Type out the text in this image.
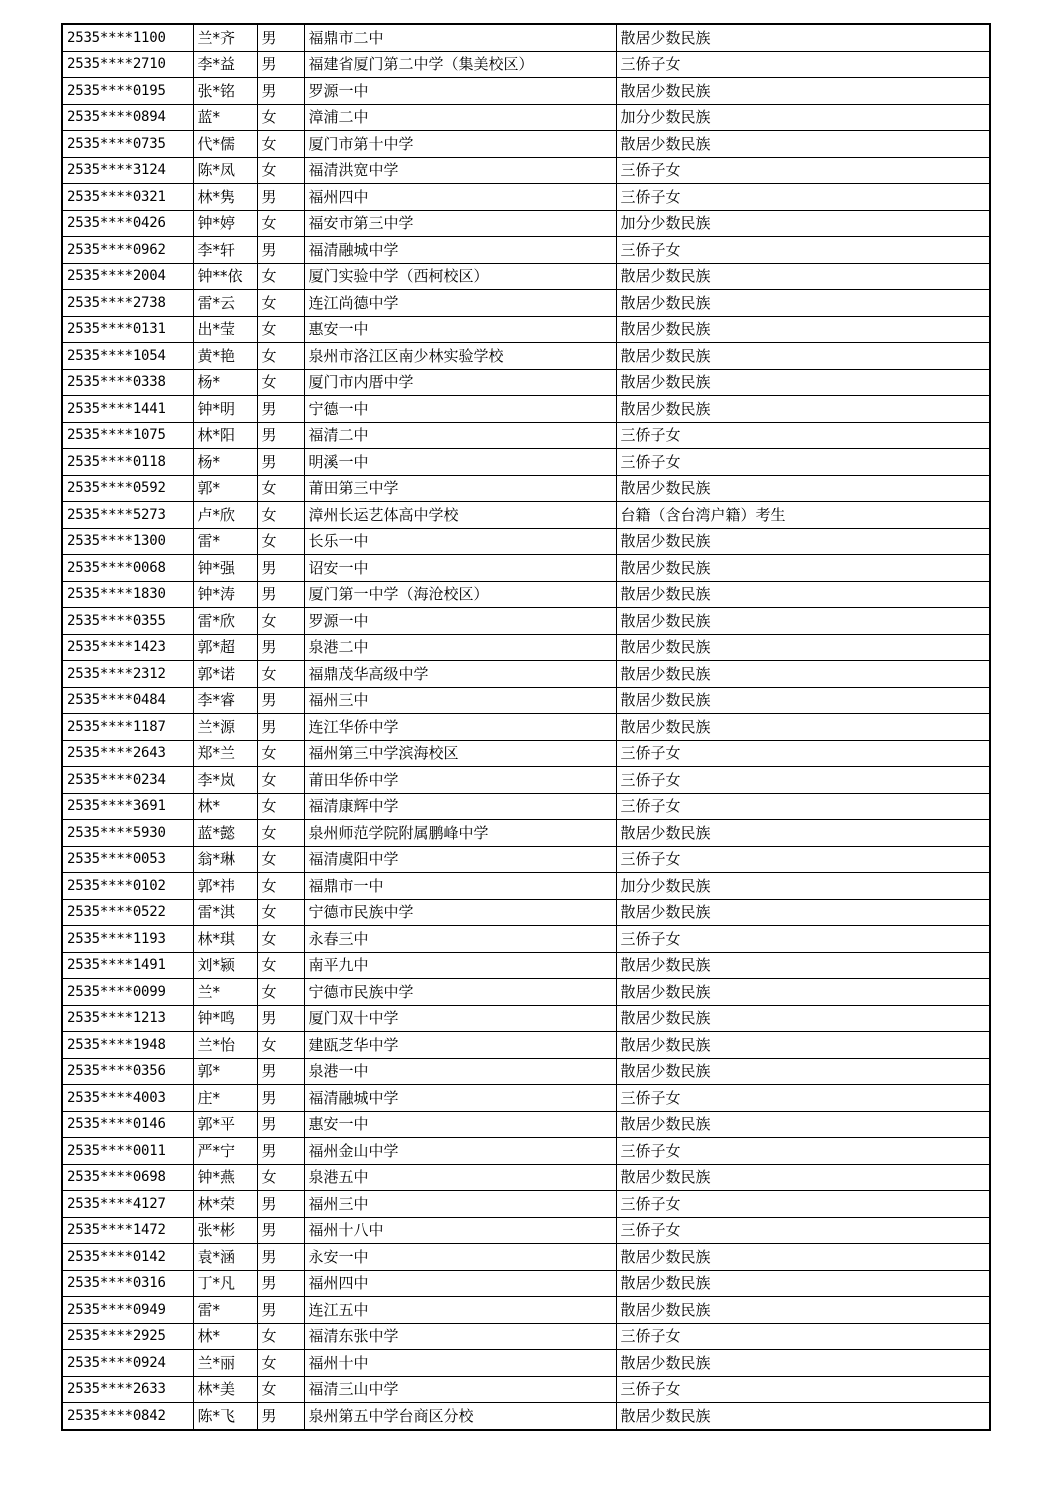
2535****1100	兰*齐	男	福鼎市二中	散居少数民族
2535****2710	李*益	男	福建省厦门第二中学（集美校区）	三侨子女
2535****0195	张*铭	男	罗源一中	散居少数民族
2535****0894	蓝*	女	漳浦二中	加分少数民族
2535****0735	代*儒	女	厦门市第十中学	散居少数民族
2535****3124	陈*凤	女	福清洪宽中学	三侨子女
2535****0321	林*隽	男	福州四中	三侨子女
2535****0426	钟*婷	女	福安市第三中学	加分少数民族
2535****0962	李*轩	男	福清融城中学	三侨子女
2535****2004	钟**依	女	厦门实验中学（西柯校区）	散居少数民族
2535****2738	雷*云	女	连江尚德中学	散居少数民族
2535****0131	出*莹	女	惠安一中	散居少数民族
2535****1054	黄*艳	女	泉州市洛江区南少林实验学校	散居少数民族
2535****0338	杨*	女	厦门市内厝中学	散居少数民族
2535****1441	钟*明	男	宁德一中	散居少数民族
2535****1075	林*阳	男	福清二中	三侨子女
2535****0118	杨*	男	明溪一中	三侨子女
2535****0592	郭*	女	莆田第三中学	散居少数民族
2535****5273	卢*欣	女	漳州长运艺体高中学校	台籍（含台湾户籍）考生
2535****1300	雷*	女	长乐一中	散居少数民族
2535****0068	钟*强	男	诏安一中	散居少数民族
2535****1830	钟*涛	男	厦门第一中学（海沧校区）	散居少数民族
2535****0355	雷*欣	女	罗源一中	散居少数民族
2535****1423	郭*超	男	泉港二中	散居少数民族
2535****2312	郭*诺	女	福鼎茂华高级中学	散居少数民族
2535****0484	李*睿	男	福州三中	散居少数民族
2535****1187	兰*源	男	连江华侨中学	散居少数民族
2535****2643	郑*兰	女	福州第三中学滨海校区	三侨子女
2535****0234	李*岚	女	莆田华侨中学	三侨子女
2535****3691	林*	女	福清康辉中学	三侨子女
2535****5930	蓝*懿	女	泉州师范学院附属鹏峰中学	散居少数民族
2535****0053	翁*琳	女	福清虞阳中学	三侨子女
2535****0102	郭*祎	女	福鼎市一中	加分少数民族
2535****0522	雷*淇	女	宁德市民族中学	散居少数民族
2535****1193	林*琪	女	永春三中	三侨子女
2535****1491	刘*颍	女	南平九中	散居少数民族
2535****0099	兰*	女	宁德市民族中学	散居少数民族
2535****1213	钟*鸣	男	厦门双十中学	散居少数民族
2535****1948	兰*怡	女	建瓯芝华中学	散居少数民族
2535****0356	郭*	男	泉港一中	散居少数民族
2535****4003	庄*	男	福清融城中学	三侨子女
2535****0146	郭*平	男	惠安一中	散居少数民族
2535****0011	严*宁	男	福州金山中学	三侨子女
2535****0698	钟*燕	女	泉港五中	散居少数民族
2535****4127	林*荣	男	福州三中	三侨子女
2535****1472	张*彬	男	福州十八中	三侨子女
2535****0142	袁*涵	男	永安一中	散居少数民族
2535****0316	丁*凡	男	福州四中	散居少数民族
2535****0949	雷*	男	连江五中	散居少数民族
2535****2925	林*	女	福清东张中学	三侨子女
2535****0924	兰*丽	女	福州十中	散居少数民族
2535****2633	林*美	女	福清三山中学	三侨子女
2535****0842	陈*飞	男	泉州第五中学台商区分校	散居少数民族
